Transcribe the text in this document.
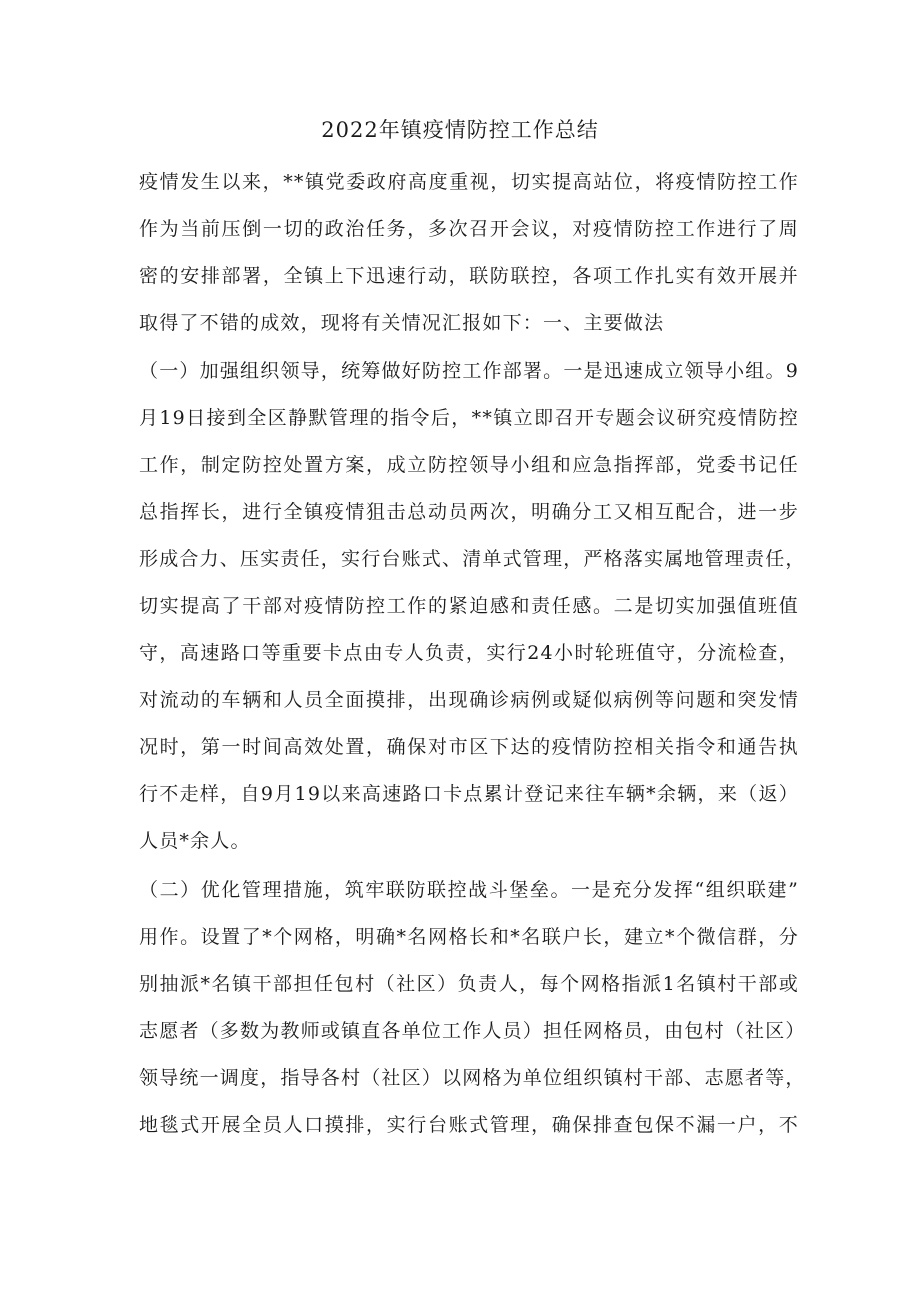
2022年镇疫情防控工作总结
疫情发生以来，**镇党委政府高度重视，切实提高站位，将疫情防控工作
作为当前压倒一切的政治任务，多次召开会议，对疫情防控工作进行了周
密的安排部署，全镇上下迅速行动，联防联控，各项工作扎实有效开展并
取得了不错的成效，现将有关情况汇报如下：一、主要做法
（一）加强组织领导，统筹做好防控工作部署。一是迅速成立领导小组。9
月19日接到全区静默管理的指令后，**镇立即召开专题会议研究疫情防控
工作，制定防控处置方案，成立防控领导小组和应急指挥部，党委书记任
总指挥长，进行全镇疫情狙击总动员两次，明确分工又相互配合，进一步
形成合力、压实责任，实行台账式、清单式管理，严格落实属地管理责任，
切实提高了干部对疫情防控工作的紧迫感和责任感。二是切实加强值班值
守，高速路口等重要卡点由专人负责，实行24小时轮班值守，分流检查，
对流动的车辆和人员全面摸排，出现确诊病例或疑似病例等问题和突发情
况时，第一时间高效处置，确保对市区下达的疫情防控相关指令和通告执
行不走样，自9月19以来高速路口卡点累计登记来往车辆*余辆，来（返）
人员*余人。
（二）优化管理措施，筑牢联防联控战斗堡垒。一是充分发挥“组织联建”
用作。设置了*个网格，明确*名网格长和*名联户长，建立*个微信群，分
别抽派*名镇干部担任包村（社区）负责人，每个网格指派1名镇村干部或
志愿者（多数为教师或镇直各单位工作人员）担任网格员，由包村（社区）
领导统一调度，指导各村（社区）以网格为单位组织镇村干部、志愿者等，
地毯式开展全员人口摸排，实行台账式管理，确保排查包保不漏一户，不
